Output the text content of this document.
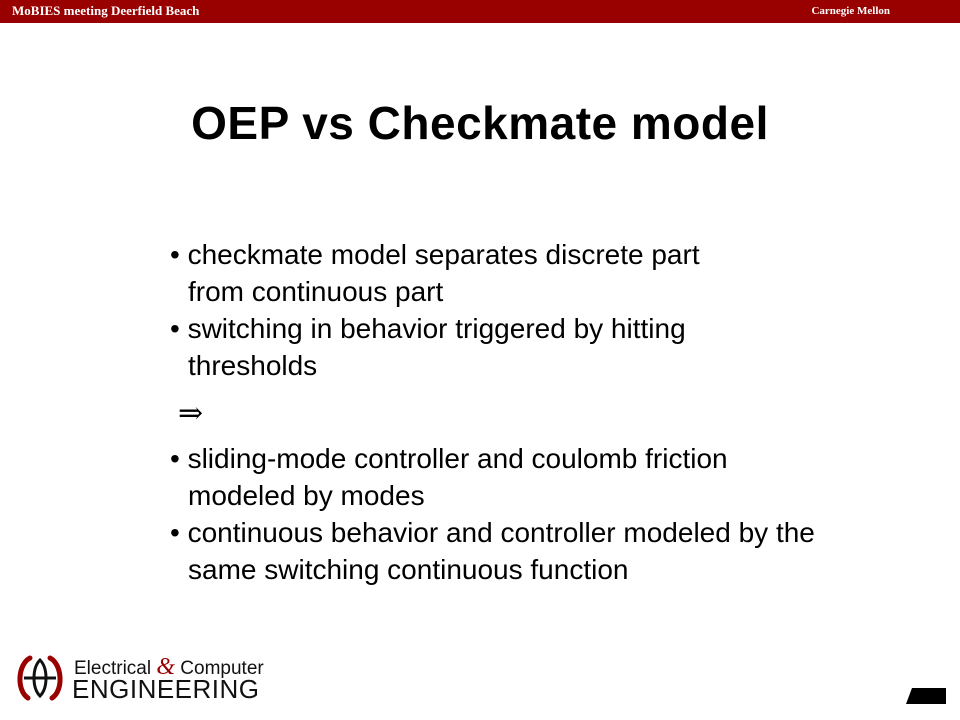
MoBIES meeting Deerfield Beach	Carnegie Mellon
OEP vs Checkmate model
• checkmate model separates discrete part
from continuous part
• switching in behavior triggered by hitting
thresholds
⇒
• sliding-mode controller and coulomb friction
modeled by modes
• continuous behavior and controller modeled by the
same switching continuous function
Electrical & Computer
ENGINEERING
